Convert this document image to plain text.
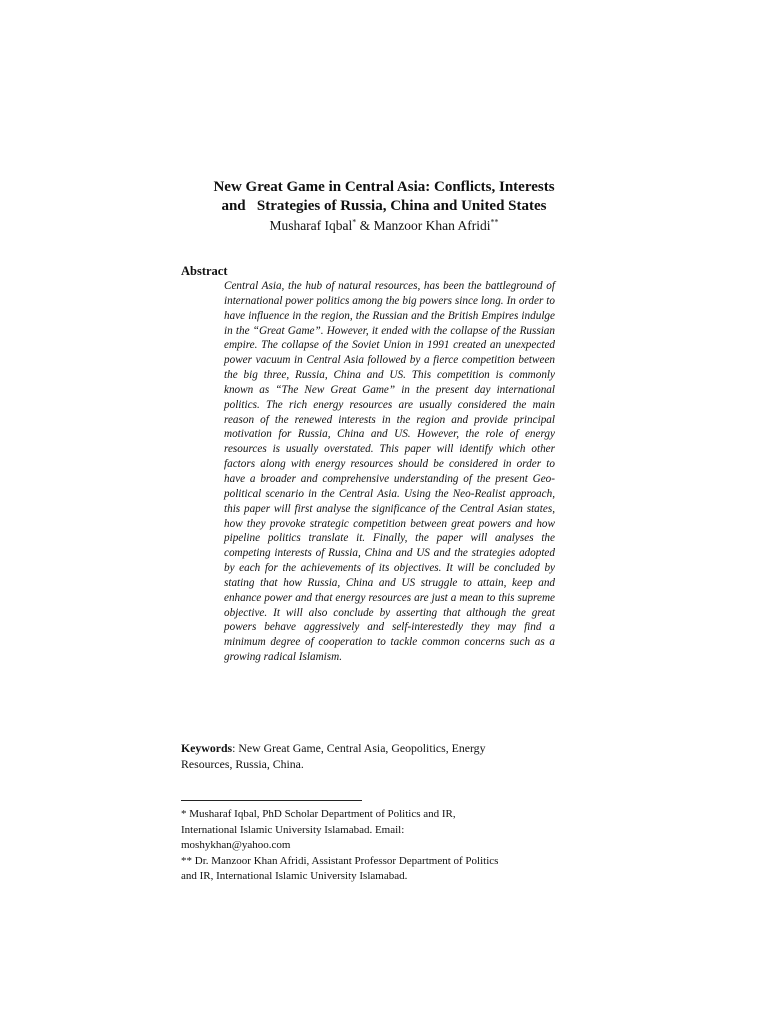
New Great Game in Central Asia: Conflicts, Interests
and   Strategies of Russia, China and United States
Musharaf Iqbal* & Manzoor Khan Afridi**
Abstract

Central Asia, the hub of natural resources, has been the battleground of international power politics among the big powers since long. In order to have influence in the region, the Russian and the British Empires indulge in the “Great Game”. However, it ended with the collapse of the Russian empire. The collapse of the Soviet Union in 1991 created an unexpected power vacuum in Central Asia followed by a fierce competition between the big three, Russia, China and US. This competition is commonly known as “The New Great Game” in the present day international politics. The rich energy resources are usually considered the main reason of the renewed interests in the region and provide principal motivation for Russia, China and US. However, the role of energy resources is usually overstated. This paper will identify which other factors along with energy resources should be considered in order to have a broader and comprehensive understanding of the present Geo-political scenario in the Central Asia. Using the Neo-Realist approach, this paper will first analyse the significance of the Central Asian states, how they provoke strategic competition between great powers and how pipeline politics translate it. Finally, the paper will analyses the competing interests of Russia, China and US and the strategies adopted by each for the achievements of its objectives. It will be concluded by stating that how Russia, China and US struggle to attain, keep and enhance power and that energy resources are just a mean to this supreme objective. It will also conclude by asserting that although the great powers behave aggressively and self-interestedly they may find a minimum degree of cooperation to tackle common concerns such as a growing radical Islamism.

Keywords: New Great Game, Central Asia, Geopolitics, Energy Resources, Russia, China.

* Musharaf Iqbal, PhD Scholar Department of Politics and IR, International Islamic University Islamabad. Email: moshykhan@yahoo.com

** Dr. Manzoor Khan Afridi, Assistant Professor Department of Politics and IR, International Islamic University Islamabad.
